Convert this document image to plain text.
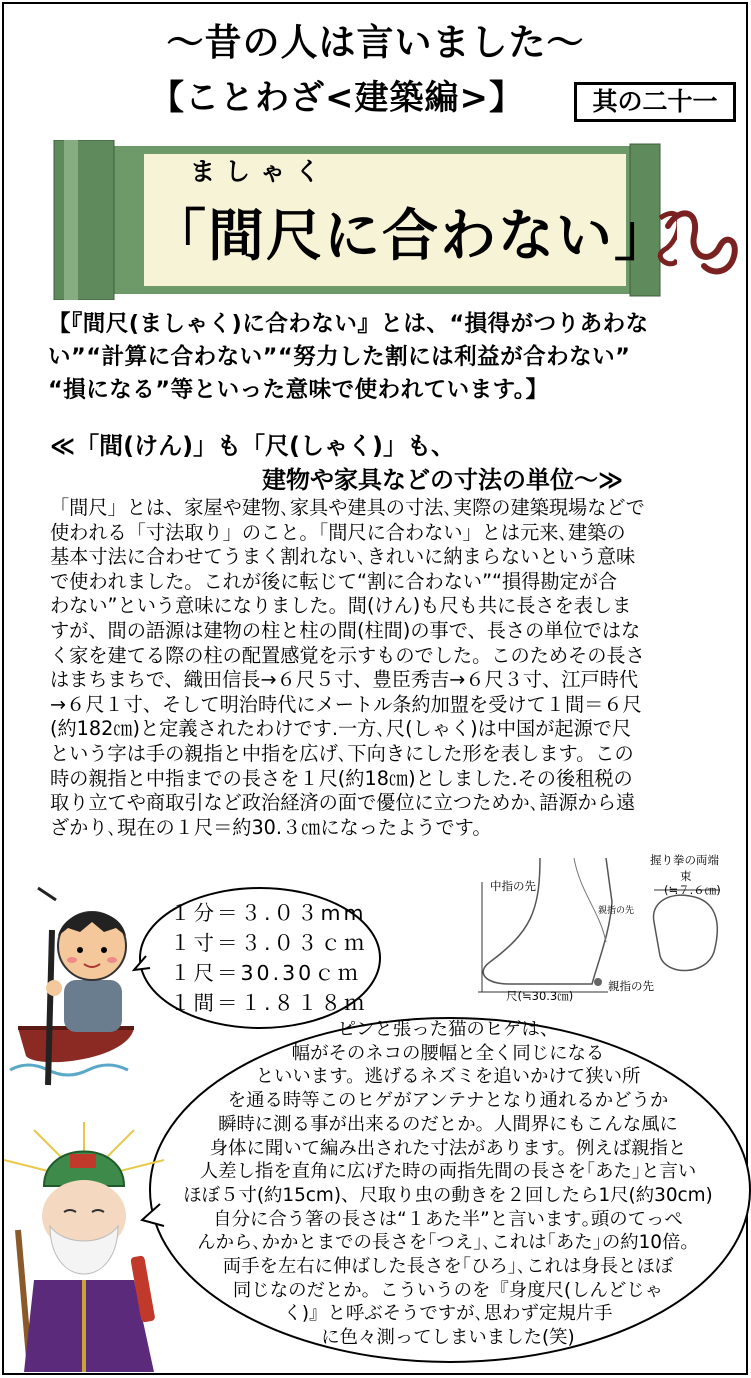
～昔の人は言いました～
【ことわざ<建築編>】	其の二十一
ましゃく
「間尺に合わない」
【『間尺(ましゃく)に合わない』とは、“損得がつりあわな
い”“計算に合わない”“努力した割には利益が合わない”
“損になる”等といった意味で使われています。】
≪「間(けん)」も「尺(しゃく)」も、
建物や家具などの寸法の単位～≫

「間尺」とは、家屋や建物､家具や建具の寸法､実際の建築現場などで

使われる「寸法取り」のこと。「間尺に合わない」とは元来､建築の

基本寸法に合わせてうまく割れない､きれいに納まらないという意味

で使われました。これが後に転じて“割に合わない”“損得勘定が合

わない”という意味になりました。間(けん)も尺も共に長さを表しま

すが、間の語源は建物の柱と柱の間(柱間)の事で、長さの単位ではな

く家を建てる際の柱の配置感覚を示すものでした。このためその長さ

はまちまちで、織田信長→６尺５寸、豊臣秀吉→６尺３寸、江戸時代

→６尺１寸、そして明治時代にメートル条約加盟を受けて１間＝６尺

(約182㎝)と定義されたわけです.一方､尺(しゃく)は中国が起源で尺

という字は手の親指と中指を広げ､下向きにした形を表します。この

時の親指と中指までの長さを１尺(約18㎝)としました.その後租税の

取り立てや商取引など政治経済の面で優位に立つためか､語源から遠

ざかり､現在の１尺＝約30.３㎝になったようです。

１分＝３.０３mm
１寸＝３.０３ｃｍ
１尺＝30.30ｃｍ
１間＝１.８１８ｍ
中指の先
親指の先
親指の先
尺(≒30.3㎝)
握り拳の両端
束
(≒７.６㎝)
ピンと張った猫のヒゲは、
幅がそのネコの腰幅と全く同じになる
といいます。逃げるネズミを追いかけて狭い所
を通る時等このヒゲがアンテナとなり通れるかどうか
瞬時に測る事が出来るのだとか。人間界にもこんな風に
身体に聞いて編み出された寸法があります。例えば親指と
人差し指を直角に広げた時の両指先間の長さを｢あた｣と言い
ほぼ５寸(約15cm)、尺取り虫の動きを２回したら1尺(約30cm)
自分に合う箸の長さは“１あた半”と言います｡頭のてっぺ
んから､かかとまでの長さを｢つえ｣､これは｢あた｣の約10倍。
両手を左右に伸ばした長さを｢ひろ｣､これは身長とほぼ
同じなのだとか。こういうのを『身度尺(しんどじゃ
く)』と呼ぶそうですが､思わず定規片手
に色々測ってしまいました(笑)
